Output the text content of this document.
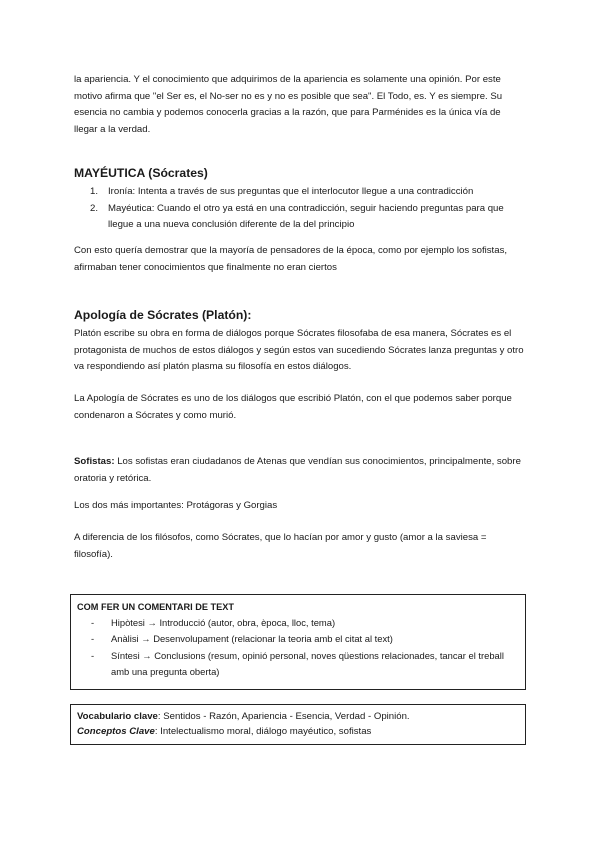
la apariencia. Y el conocimiento que adquirimos de la apariencia es solamente una opinión. Por este motivo afirma que "el Ser es, el No-ser no es y no es posible que sea". El Todo, es. Y es siempre. Su esencia no cambia y podemos conocerla gracias a la razón, que para Parménides es la única vía de llegar a la verdad.

MAYÉUTICA (Sócrates)
1. Ironía: Intenta a través de sus preguntas que el interlocutor llegue a una contradicción
2. Mayéutica: Cuando el otro ya está en una contradicción, seguir haciendo preguntas para que llegue a una nueva conclusión diferente de la del principio

Con esto quería demostrar que la mayoría de pensadores de la época, como por ejemplo los sofistas, afirmaban tener conocimientos que finalmente no eran ciertos

Apología de Sócrates (Platón):

Platón escribe su obra en forma de diálogos porque Sócrates filosofaba de esa manera, Sócrates es el protagonista de muchos de estos diálogos y según estos van sucediendo Sócrates lanza preguntas y otro va respondiendo así platón plasma su filosofía en estos diálogos.

La Apología de Sócrates es uno de los diálogos que escribió Platón, con el que podemos saber porque condenaron a Sócrates y como murió.

Sofistas: Los sofistas eran ciudadanos de Atenas que vendían sus conocimientos, principalmente, sobre oratoria y retórica.

Los dos más importantes: Protágoras y Gorgias

A diferencia de los filósofos, como Sócrates, que lo hacían por amor y gusto (amor a la saviesa = filosofía).

COM FER UN COMENTARI DE TEXT

- Hipòtesi → Introducció (autor, obra, època, lloc, tema)
- Anàlisi → Desenvolupament (relacionar la teoria amb el citat al text)
- Síntesi → Conclusions (resum, opinió personal, noves qüestions relacionades, tancar el treball amb una pregunta oberta)

Vocabulario clave: Sentidos - Razón, Apariencia - Esencia, Verdad - Opinión.

Conceptos Clave: Intelectualismo moral, diálogo mayéutico, sofistas
